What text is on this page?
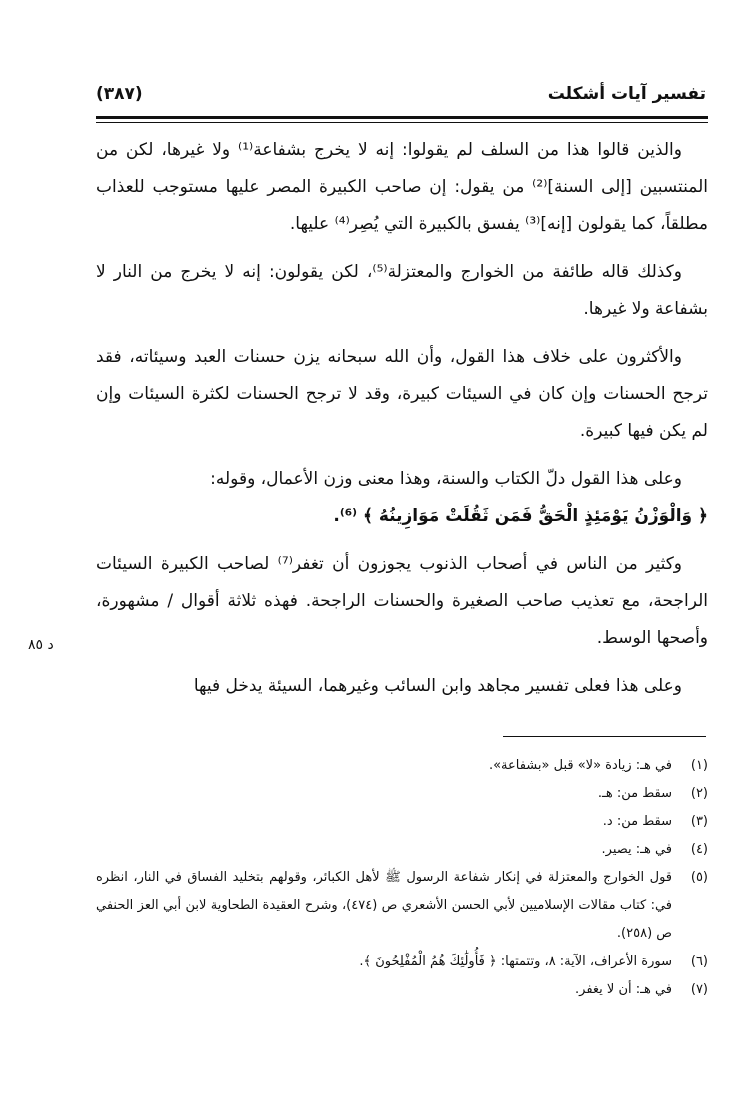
تفسير آيات أشكلت
(٣٨٧)

والذين قالوا هذا من السلف لم يقولوا: إنه لا يخرج بشفاعة⁽¹⁾ ولا غيرها، لكن من المنتسبين [إلى السنة]⁽²⁾ من يقول: إن صاحب الكبيرة المصر عليها مستوجب للعذاب مطلقاً، كما يقولون [إنه]⁽³⁾ يفسق بالكبيرة التي يُصِر⁽⁴⁾ عليها.

وكذلك قاله طائفة من الخوارج والمعتزلة⁽⁵⁾، لكن يقولون: إنه لا يخرج من النار لا بشفاعة ولا غيرها.

والأكثرون على خلاف هذا القول، وأن الله سبحانه يزن حسنات العبد وسيئاته، فقد ترجح الحسنات وإن كان في السيئات كبيرة، وقد لا ترجح الحسنات لكثرة السيئات وإن لم يكن فيها كبيرة.

وعلى هذا القول دلّ الكتاب والسنة، وهذا معنى وزن الأعمال، وقوله:

﴿ وَالْوَزْنُ يَوْمَئِذٍ الْحَقُّ فَمَن ثَقُلَتْ مَوَازِينُهُ ﴾ ⁽⁶⁾.

وكثير من الناس في أصحاب الذنوب يجوزون أن تغفر⁽⁷⁾ لصاحب الكبيرة السيئات الراجحة، مع تعذيب صاحب الصغيرة والحسنات الراجحة. فهذه ثلاثة أقوال / مشهورة، وأصحها الوسط.

وعلى هذا فعلى تفسير مجاهد وابن السائب وغيرهما، السيئة يدخل فيها

د ٨٥
(١)
في هـ: زيادة «لا» قبل «بشفاعة».
(٢)
سقط من: هـ.
(٣)
سقط من: د.
(٤)
في هـ: يصير.
(٥)
قول الخوارج والمعتزلة في إنكار شفاعة الرسول ﷺ لأهل الكبائر، وقولهم بتخليد الفساق في النار، انظره في: كتاب مقالات الإسلاميين لأبي الحسن الأشعري ص (٤٧٤)، وشرح العقيدة الطحاوية لابن أبي العز الحنفي ص (٢٥٨).
(٦)
سورة الأعراف، الآية: ٨، وتتمتها: ﴿ فَأُولَٰئِكَ هُمُ الْمُفْلِحُونَ ﴾.
(٧)
في هـ: أن لا يغفر.
